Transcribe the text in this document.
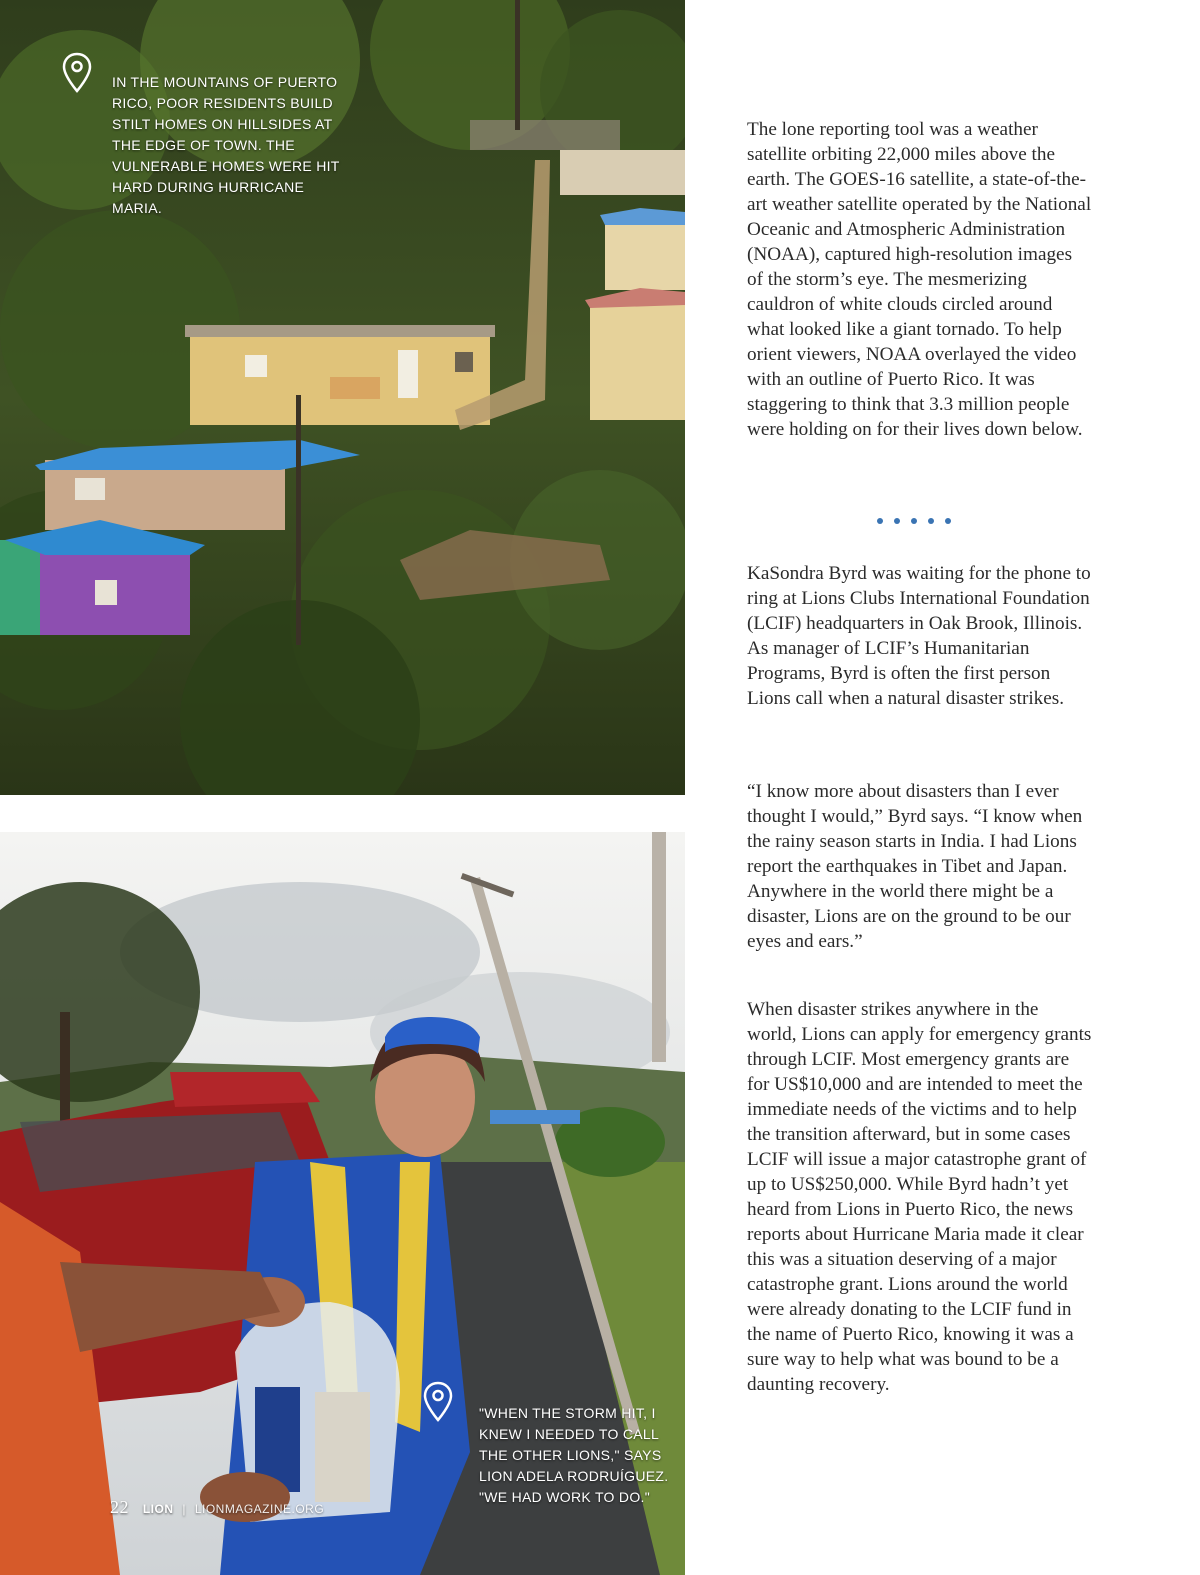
IN THE MOUNTAINS OF PUERTO RICO, POOR RESIDENTS BUILD STILT HOMES ON HILLSIDES AT THE EDGE OF TOWN. THE VULNERABLE HOMES WERE HIT HARD DURING HURRICANE MARIA.
"WHEN THE STORM HIT, I KNEW I NEEDED TO CALL THE OTHER LIONS," SAYS LION ADELA RODRUÍGUEZ. "WE HAD WORK TO DO."
22 LION | LIONMAGAZINE.ORG

The lone reporting tool was a weather satellite orbiting 22,000 miles above the earth. The GOES-16 satellite, a state-of-the-art weather satellite operated by the National Oceanic and Atmospheric Administration (NOAA), captured high-resolution images of the storm’s eye. The mesmerizing cauldron of white clouds circled around what looked like a giant tornado. To help orient viewers, NOAA overlayed the video with an outline of Puerto Rico. It was staggering to think that 3.3 million people were holding on for their lives down below.

KaSondra Byrd was waiting for the phone to ring at Lions Clubs International Foundation (LCIF) headquarters in Oak Brook, Illinois. As manager of LCIF’s Humanitarian Programs, Byrd is often the first person Lions call when a natural disaster strikes.

“I know more about disasters than I ever thought I would,” Byrd says. “I know when the rainy season starts in India. I had Lions report the earthquakes in Tibet and Japan. Anywhere in the world there might be a disaster, Lions are on the ground to be our eyes and ears.”

When disaster strikes anywhere in the world, Lions can apply for emergency grants through LCIF. Most emergency grants are for US$10,000 and are intended to meet the immediate needs of the victims and to help the transition afterward, but in some cases LCIF will issue a major catastrophe grant of up to US$250,000. While Byrd hadn’t yet heard from Lions in Puerto Rico, the news reports about Hurricane Maria made it clear this was a situation deserving of a major catastrophe grant. Lions around the world were already donating to the LCIF fund in the name of Puerto Rico, knowing it was a sure way to help what was bound to be a daunting recovery.
